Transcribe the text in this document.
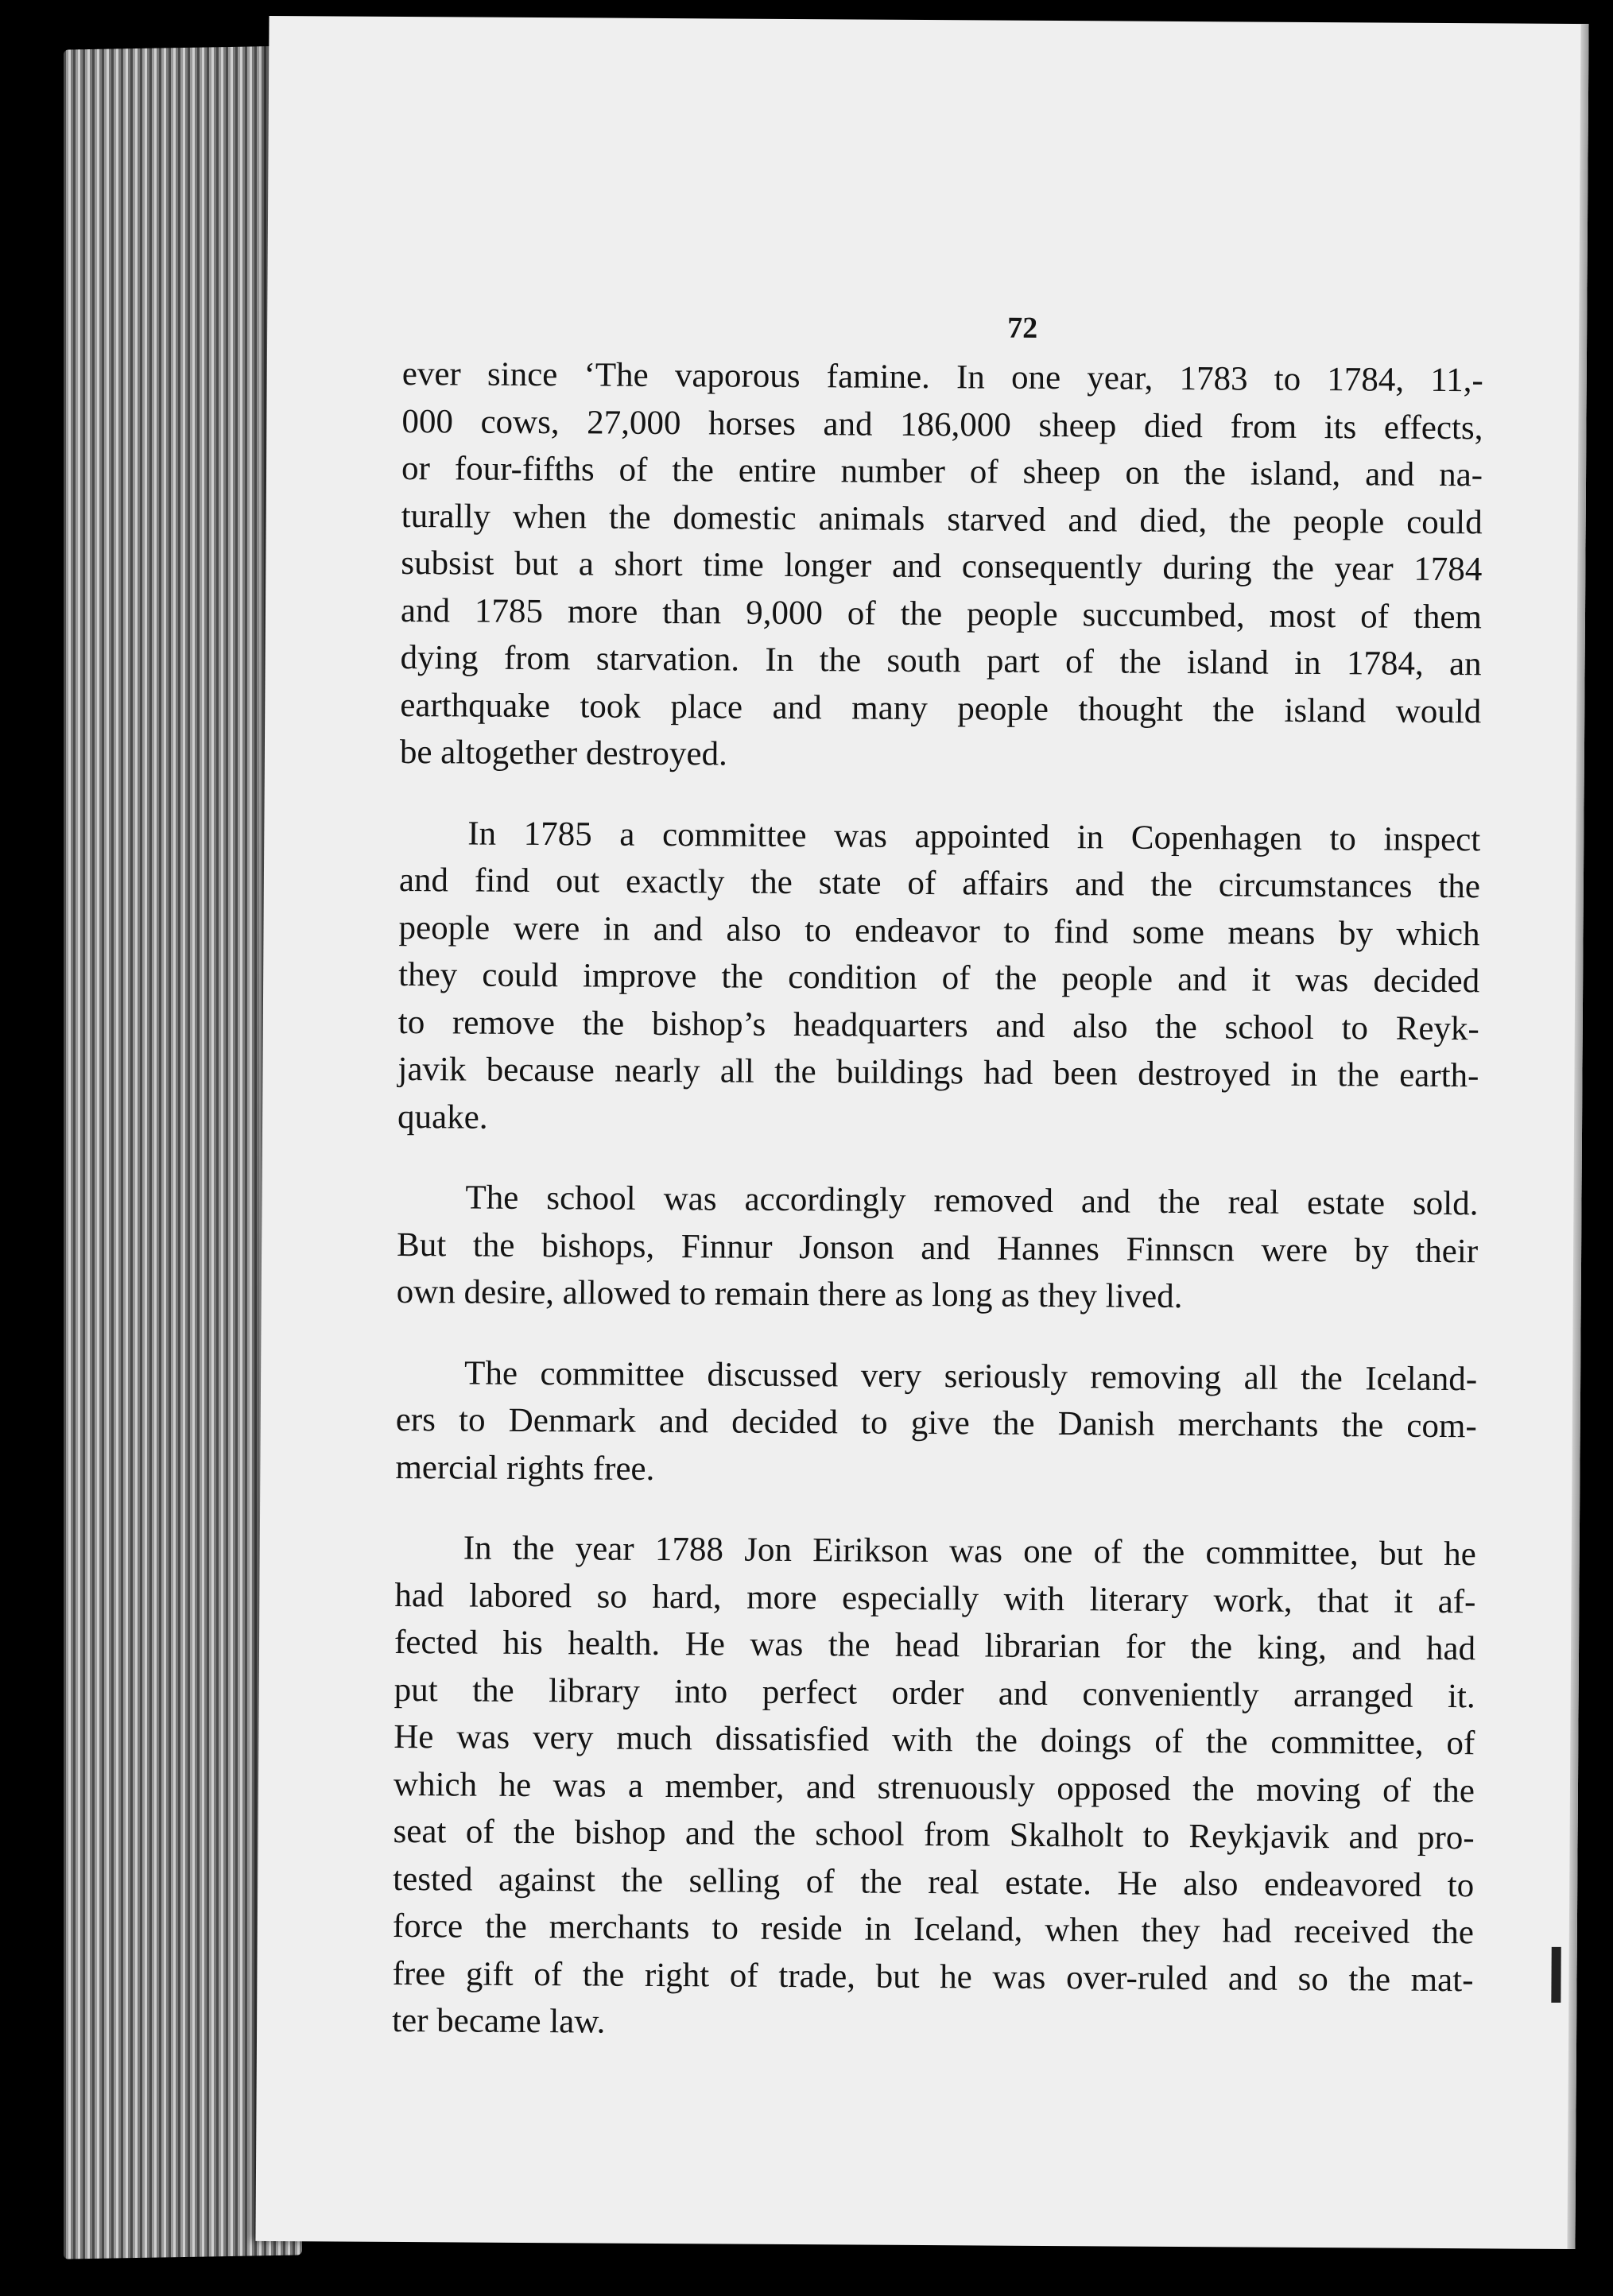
72

ever since ‘The vaporous famine. In one year, 1783 to 1784, 11,-
000 cows, 27,000 horses and 186,000 sheep died from its effects,
or four-fifths of the entire number of sheep on the island, and na-
turally when the domestic animals starved and died, the people could
subsist but a short time longer and consequently during the year 1784
and 1785 more than 9,000 of the people succumbed, most of them
dying from starvation. In the south part of the island in 1784, an
earthquake took place and many people thought the island would
be altogether destroyed.

In 1785 a committee was appointed in Copenhagen to inspect
and find out exactly the state of affairs and the circumstances the
people were in and also to endeavor to find some means by which
they could improve the condition of the people and it was decided
to remove the bishop’s headquarters and also the school to Reyk-
javik because nearly all the buildings had been destroyed in the earth-
quake.

The school was accordingly removed and the real estate sold.
But the bishops, Finnur Jonson and Hannes Finnscn were by their
own desire, allowed to remain there as long as they lived.

The committee discussed very seriously removing all the Iceland-
ers to Denmark and decided to give the Danish merchants the com-
mercial rights free.

In the year 1788 Jon Eirikson was one of the committee, but he
had labored so hard, more especially with literary work, that it af-
fected his health. He was the head librarian for the king, and had
put the library into perfect order and conveniently arranged it.
He was very much dissatisfied with the doings of the committee, of
which he was a member, and strenuously opposed the moving of the
seat of the bishop and the school from Skalholt to Reykjavik and pro-
tested against the selling of the real estate. He also endeavored to
force the merchants to reside in Iceland, when they had received the
free gift of the right of trade, but he was over-ruled and so the mat-
ter became law.
